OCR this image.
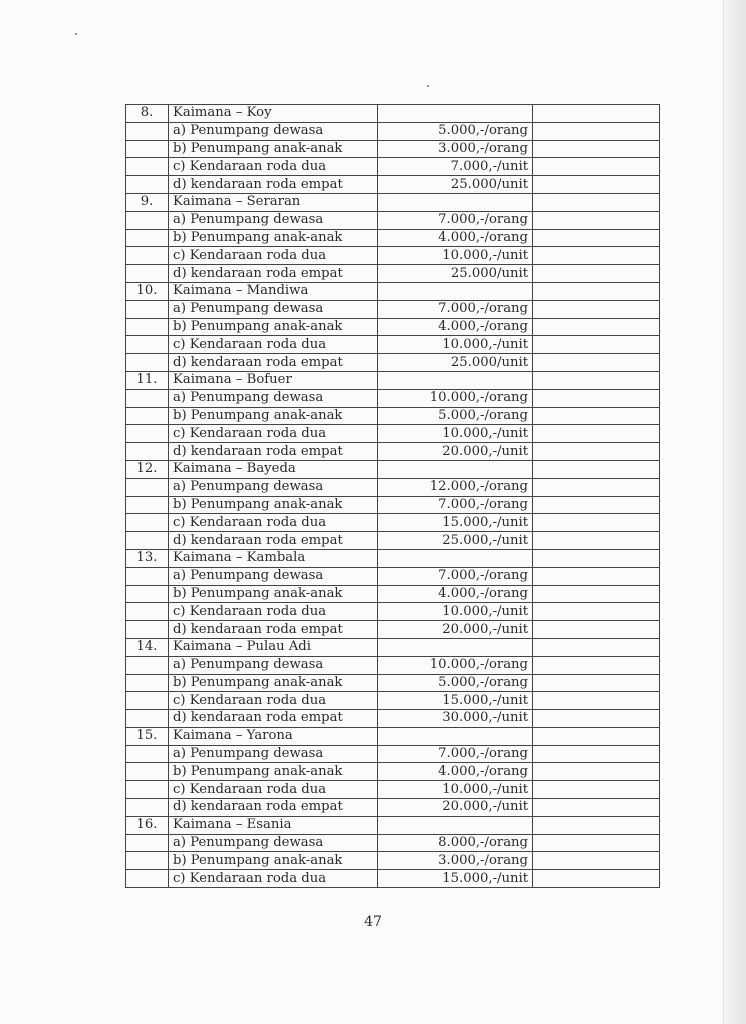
8.	Kaimana – Koy		
	a) Penumpang dewasa	5.000,-/orang	
	b) Penumpang anak-anak	3.000,-/orang	
	c) Kendaraan roda dua	7.000,-/unit	
	d) kendaraan roda empat	25.000/unit	
9.	Kaimana – Seraran		
	a) Penumpang dewasa	7.000,-/orang	
	b) Penumpang anak-anak	4.000,-/orang	
	c) Kendaraan roda dua	10.000,-/unit	
	d) kendaraan roda empat	25.000/unit	
10.	Kaimana – Mandiwa		
	a) Penumpang dewasa	7.000,-/orang	
	b) Penumpang anak-anak	4.000,-/orang	
	c) Kendaraan roda dua	10.000,-/unit	
	d) kendaraan roda empat	25.000/unit	
11.	Kaimana – Bofuer		
	a) Penumpang dewasa	10.000,-/orang	
	b) Penumpang anak-anak	5.000,-/orang	
	c) Kendaraan roda dua	10.000,-/unit	
	d) kendaraan roda empat	20.000,-/unit	
12.	Kaimana – Bayeda		
	a) Penumpang dewasa	12.000,-/orang	
	b) Penumpang anak-anak	7.000,-/orang	
	c) Kendaraan roda dua	15.000,-/unit	
	d) kendaraan roda empat	25.000,-/unit	
13.	Kaimana – Kambala		
	a) Penumpang dewasa	7.000,-/orang	
	b) Penumpang anak-anak	4.000,-/orang	
	c) Kendaraan roda dua	10.000,-/unit	
	d) kendaraan roda empat	20.000,-/unit	
14.	Kaimana – Pulau Adi		
	a) Penumpang dewasa	10.000,-/orang	
	b) Penumpang anak-anak	5.000,-/orang	
	c) Kendaraan roda dua	15.000,-/unit	
	d) kendaraan roda empat	30.000,-/unit	
15.	Kaimana – Yarona		
	a) Penumpang dewasa	7.000,-/orang	
	b) Penumpang anak-anak	4.000,-/orang	
	c) Kendaraan roda dua	10.000,-/unit	
	d) kendaraan roda empat	20.000,-/unit	
16.	Kaimana – Esania		
	a) Penumpang dewasa	8.000,-/orang	
	b) Penumpang anak-anak	3.000,-/orang	
	c) Kendaraan roda dua	15.000,-/unit	
47
